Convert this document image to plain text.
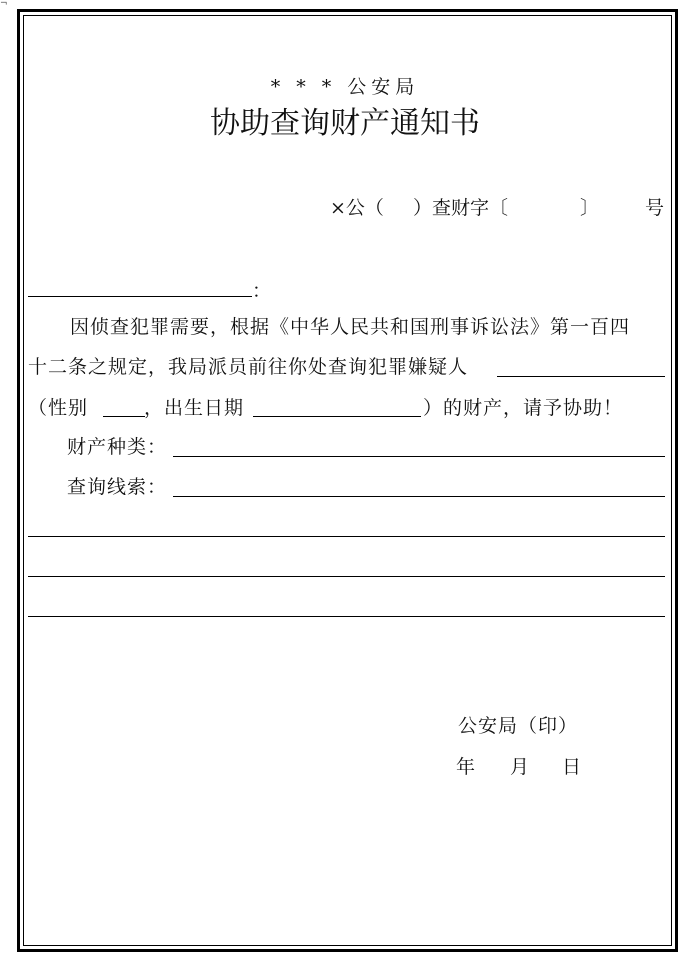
¬
* * * 公安局
协助查询财产通知书
×公（ ）查财字〔	〕 号
：
因侦查犯罪需要，根据《中华人民共和国刑事诉讼法》第一百四
十二条之规定，我局派员前往你处查询犯罪嫌疑人
（性别	，出生日期	）的财产，请予协助！
财产种类：
查询线索：
公安局（印）
年 月 日
